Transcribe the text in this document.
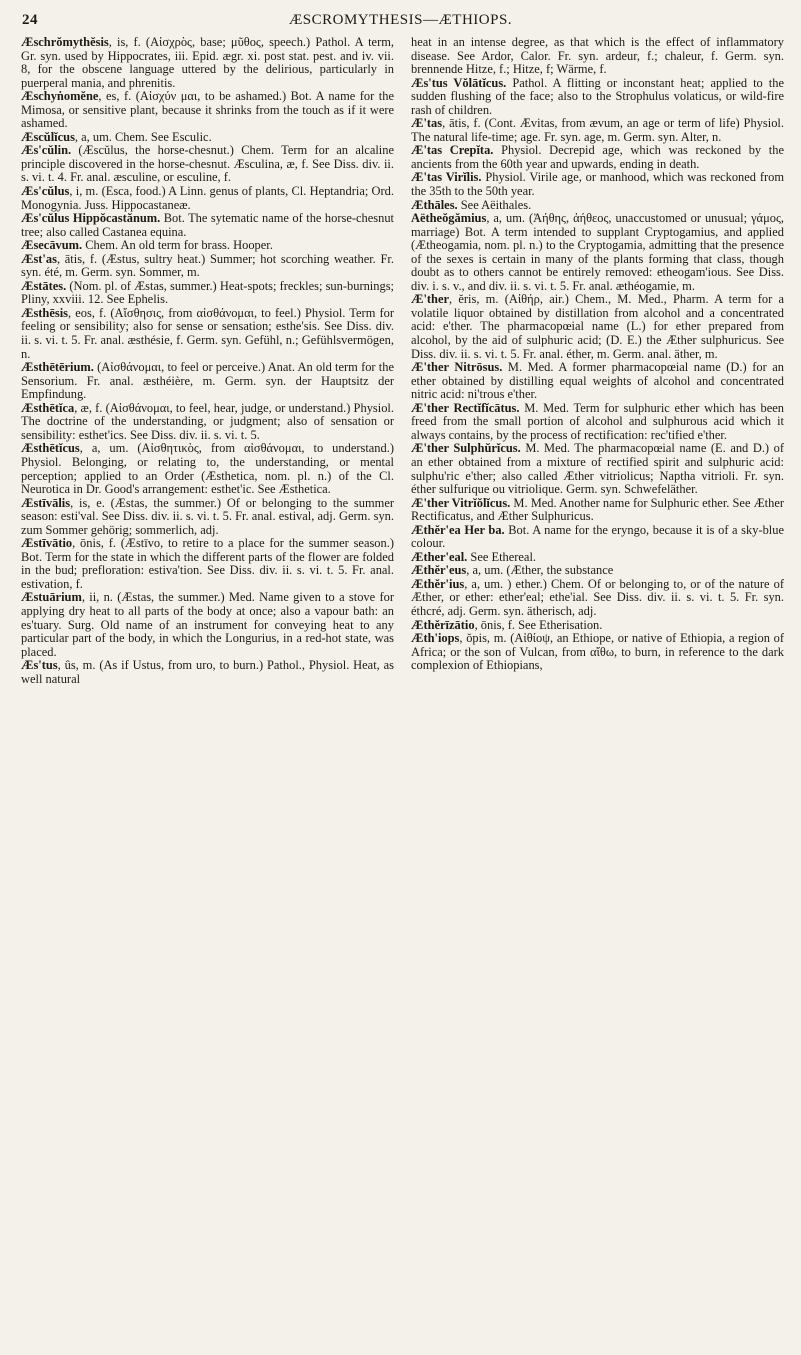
24	ÆSCROMYTHESIS—ÆTHIOPS.

Æschrŏmythĕsis, is, f. (Αἰσχρὸς, base; μῦθος, speech.) Pathol. A term, Gr. syn. used by Hippocrates, iii. Epid. ægr. xi. post stat. pest. and iv. vii. 8, for the obscene language uttered by the delirious, particularly in puerperal mania, and phrenitis.

Æschyṅomĕne, es, f. (Αἰσχύν μαι, to be ashamed.) Bot. A name for the Mimosa, or sensitive plant, because it shrinks from the touch as if it were ashamed.

Æscŭlĭcus, a, um. Chem. See Esculic.

Æs'cŭlin. (Æscŭlus, the horse-chesnut.) Chem. Term for an alcaline principle discovered in the horse-chesnut. Æsculina, æ, f. See Diss. div. ii. s. vi. t. 4. Fr. anal. æsculine, or esculine, f.

Æs'cŭlus, i, m. (Esca, food.) A Linn. genus of plants, Cl. Heptandria; Ord. Monogynia. Juss. Hippocastaneæ.

Æs'cŭlus Hippŏcastănum. Bot. The sytematic name of the horse-chesnut tree; also called Castanea equina.

Æsecāvum. Chem. An old term for brass. Hooper.

Æst'as, ātis, f. (Æstus, sultry heat.) Summer; hot scorching weather. Fr. syn. été, m. Germ. syn. Sommer, m.

Æstātes. (Nom. pl. of Æstas, summer.) Heat-spots; freckles; sun-burnings; Pliny, xxviii. 12. See Ephelis.

Æsthēsis, eos, f. (Αἴσθησις, from αἰσθάνομαι, to feel.) Physiol. Term for feeling or sensibility; also for sense or sensation; esthe'sis. See Diss. div. ii. s. vi. t. 5. Fr. anal. æsthésie, f. Germ. syn. Gefühl, n.; Gefühlsvermögen, n.

Æsthētērium. (Αἰσθάνομαι, to feel or perceive.) Anat. An old term for the Sensorium. Fr. anal. æsthéière, m. Germ. syn. der Hauptsitz der Empfindung.

Æsthētĭca, æ, f. (Αἰσθάνομαι, to feel, hear, judge, or understand.) Physiol. The doctrine of the understanding, or judgment; also of sensation or sensibility: esthet'ics. See Diss. div. ii. s. vi. t. 5.

Æsthētĭcus, a, um. (Αἰσθητικὸς, from αἰσθάνομαι, to understand.) Physiol. Belonging, or relating to, the understanding, or mental perception; applied to an Order (Æsthetica, nom. pl. n.) of the Cl. Neurotica in Dr. Good's arrangement: esthet'ic. See Æsthetica.

Æstīvālis, is, e. (Æstas, the summer.) Of or belonging to the summer season: esti'val. See Diss. div. ii. s. vi. t. 5. Fr. anal. estival, adj. Germ. syn. zum Sommer gehörig; sommerlich, adj.

Æstīvātio, ōnis, f. (Æstīvo, to retire to a place for the summer season.) Bot. Term for the state in which the different parts of the flower are folded in the bud; prefloration: estiva'tion. See Diss. div. ii. s. vi. t. 5. Fr. anal. estivation, f.

Æstuārium, ii, n. (Æstas, the summer.) Med. Name given to a stove for applying dry heat to all parts of the body at once; also a vapour bath: an es'tuary. Surg. Old name of an instrument for conveying heat to any particular part of the body, in which the Longurius, in a red-hot state, was placed.

Æs'tus, ûs, m. (As if Ustus, from uro, to burn.) Pathol., Physiol. Heat, as well natural

heat in an intense degree, as that which is the effect of inflammatory disease. See Ardor, Calor. Fr. syn. ardeur, f.; chaleur, f. Germ. syn. brennende Hitze, f.; Hitze, f; Wärme, f.

Æs'tus Vŏlātĭcus. Pathol. A flitting or inconstant heat; applied to the sudden flushing of the face; also to the Strophulus volaticus, or wild-fire rash of children.

Æ'tas, ātis, f. (Cont. Ævitas, from ævum, an age or term of life) Physiol. The natural life-time; age. Fr. syn. age, m. Germ. syn. Alter, n.

Æ'tas Crepĭta. Physiol. Decrepid age, which was reckoned by the ancients from the 60th year and upwards, ending in death.

Æ'tas Virĭlis. Physiol. Virile age, or manhood, which was reckoned from the 35th to the 50th year.

Æthāles. See Aëithales.

Aëtheŏgămius, a, um. (Ἀήθης, ἀήθεος, unaccustomed or unusual; γάμος, marriage) Bot. A term intended to supplant Cryptogamius, and applied (Ætheogamia, nom. pl. n.) to the Cryptogamia, admitting that the presence of the sexes is certain in many of the plants forming that class, though doubt as to others cannot be entirely removed: etheogam'ious. See Diss. div. i. s. v., and div. ii. s. vi. t. 5. Fr. anal. æthéogamie, m.

Æ'ther, ĕris, m. (Αἰθήρ, air.) Chem., M. Med., Pharm. A term for a volatile liquor obtained by distillation from alcohol and a concentrated acid: e'ther. The pharmacopœial name (L.) for ether prepared from alcohol, by the aid of sulphuric acid; (D. E.) the Æther sulphuricus. See Diss. div. ii. s. vi. t. 5. Fr. anal. éther, m. Germ. anal. äther, m.

Æ'ther Nitrōsus. M. Med. A former pharmacopœial name (D.) for an ether obtained by distilling equal weights of alcohol and concentrated nitric acid: ni'trous e'ther.

Æ'ther Rectĭfĭcātus. M. Med. Term for sulphuric ether which has been freed from the small portion of alcohol and sulphurous acid which it always contains, by the process of rectification: rec'tified e'ther.

Æ'ther Sulphŭrĭcus. M. Med. The pharmacopœial name (E. and D.) of an ether obtained from a mixture of rectified spirit and sulphuric acid: sulphu'ric e'ther; also called Æther vitriolicus; Naptha vitrioli. Fr. syn. éther sulfurique ou vitriolique. Germ. syn. Schwefeläther.

Æ'ther Vitrĭŏlĭcus. M. Med. Another name for Sulphuric ether. See Æther Rectificatus, and Æther Sulphuricus.

Æthĕr'ea Her ba. Bot. A name for the eryngo, because it is of a sky-blue colour.

Æther'eal. See Ethereal.

Æthĕr'eus, a, um. (Æther, the substance

Æthĕr'ius, a, um. ) ether.) Chem. Of or belonging to, or of the nature of Æther, or ether: ether'eal; ethe'ial. See Diss. div. ii. s. vi. t. 5. Fr. syn. éthcré, adj. Germ. syn. ätherisch, adj.

Æthĕrīzātio, ōnis, f. See Etherisation.

Æth'iops, ŏpis, m. (Αἰθίοψ, an Ethiope, or native of Ethiopia, a region of Africa; or the son of Vulcan, from αἴθω, to burn, in reference to the dark complexion of Ethiopians,
